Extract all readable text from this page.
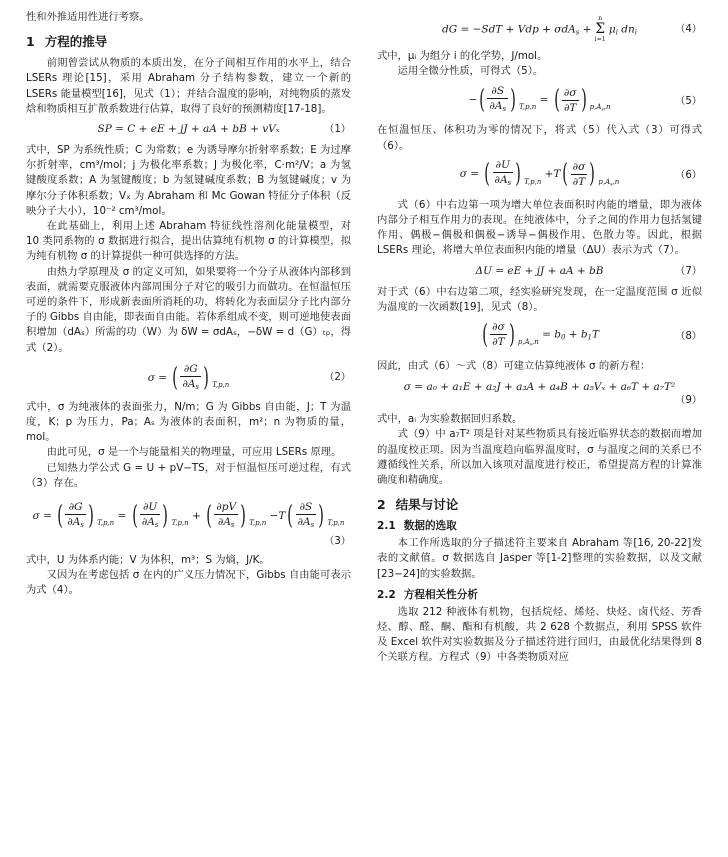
性和外推适用性进行考察。

1 方程的推导

前期曾尝试从物质的本质出发，在分子间相互作用的水平上，结合 LSERs 理论[15]，采用 Abraham 分子结构参数，建立一个新的 LSERs 能量模型[16]，见式（1）；并结合温度的影响，对纯物质的蒸发焓和物质相互扩散系数进行估算，取得了良好的预测精度[17-18]。

SP = C + eE + jJ + aA + bB + vVₓ	（1）

式中，SP 为系统性质；C 为常数；e 为诱导摩尔折射率系数；E 为过摩尔折射率，cm³/mol；j 为极化率系数；J 为极化率，C·m²/V；a 为氢键酸度系数；A 为氢键酸度；b 为氢键碱度系数；B 为氢键碱度；v 为摩尔分子体积系数；Vₓ 为 Abraham 和 Mc Gowan 特征分子体积（反映分子大小），10⁻² cm³/mol。

在此基础上，利用上述 Abraham 特征线性溶剂化能量模型，对 10 类同系物的 σ 数据进行拟合，提出估算纯有机物 σ 的计算模型，拟为纯有机物 σ 的计算提供一种可供选择的方法。

由热力学原理及 σ 的定义可知，如果要将一个分子从液体内部移到表面，就需要克服液体内部周围分子对它的吸引力而做功。在恒温恒压可逆的条件下，形成新表面所消耗的功，将转化为表面层分子比内部分子的 Gibbs 自由能，即表面自由能。若体系组成不变，则可逆地使表面积增加（dAₛ）所需的功（W）为 δW = σdAₛ，−δW = d（G）ₜₚ，得式（2）。

σ = ( $\frac{\partial G}{\partial A_s}$ ) T,p,n
（2）

式中，σ 为纯液体的表面张力，N/m；G 为 Gibbs 自由能，J；T 为温度，K；p 为压力，Pa；Aₛ 为液体的表面积，m²；n 为物质的量，mol。

由此可见，σ 是一个与能量相关的物理量，可应用 LSERs 原理。

已知热力学公式 G = U + pV−TS，对于恒温恒压可逆过程，有式（3）存在。

σ = ( $\frac{\partial G}{\partial A_s}$ ) T,p,n = ( $\frac{\partial U}{\partial A_s}$ ) T,p,n + ( $\frac{\partial pV}{\partial A_s}$ ) $T,p,n -T( \frac{\partial S}{\partial A_s}$ ) T,p,n
（3）

式中，U 为体系内能；V 为体积，m³；S 为熵，J/K。

又因为在考虑包括 σ 在内的广义压力情况下，Gibbs 自由能可表示为式（4）。

dG = −SdT + Vdp + σdA$_s$ +
n
Σ
i=1
$\mu_i$ $dn_i$	（4）

式中，μᵢ 为组分 i 的化学势，J/mol。

运用全微分性质，可得式（5）。

−( $\frac{\partial S}{\partial A_s}$ ) T,p,n = ( $\frac{\partial\sigma}{\partial T}$ ) $p,A_s,n$
（5）

在恒温恒压、体积功为零的情况下，将式（5）代入式（3）可得式（6）。

σ = ( $\frac{\partial U}{\partial A_s}$ ) $T,p,n +T( \frac{\partial\sigma}{\partial T}$ ) $p,A_s,n$
（6）

式（6）中右边第一项为增大单位表面积时内能的增量，即为液体内部分子相互作用力的表现。在纯液体中，分子之间的作用力包括氢键作用、偶极−偶极和偶极−诱导−偶极作用、色散力等。因此，根据 LSERs 理论，将增大单位表面积内能的增量（ΔU）表示为式（7）。

ΔU = eE + jJ + aA + bB	（7）

对于式（6）中右边第二项，经实验研究发现，在一定温度范围 σ 近似为温度的一次函数[19]，见式（8）。

( $\frac{\partial\sigma}{\partial T}$ ) $p,A_s,n = b_0 + b_1T$	（8）

因此，由式（6）～式（8）可建立估算纯液体 σ 的新方程：

σ = a₀ + a₁E + a₂J + a₃A + a₄B + a₅Vₓ + a₆T + a₇T²
（9）

式中，aᵢ 为实验数据回归系数。

式（9）中 a₇T² 项是针对某些物质具有接近临界状态的数据而增加的温度校正项。因为当温度趋向临界温度时，σ 与温度之间的关系已不遵循线性关系，所以加入该项对温度进行校正，希望提高方程的计算准确度和精确度。

2 结果与讨论
2.1 数据的选取

本工作所选取的分子描述符主要来自 Abraham 等[16, 20-22]发表的文献值。σ 数据选自 Jasper 等[1-2]整理的实验数据，以及文献[23−24]的实验数据。

2.2 方程相关性分析

选取 212 种液体有机物，包括烷烃、烯烃、炔烃、卤代烃、芳香烃、醇、醛、酮、酯和有机酸，共 2 628 个数据点，利用 SPSS 软件及 Excel 软件对实验数据及分子描述符进行回归，由最优化结果得到 8 个关联方程。方程式（9）中各类物质对应
